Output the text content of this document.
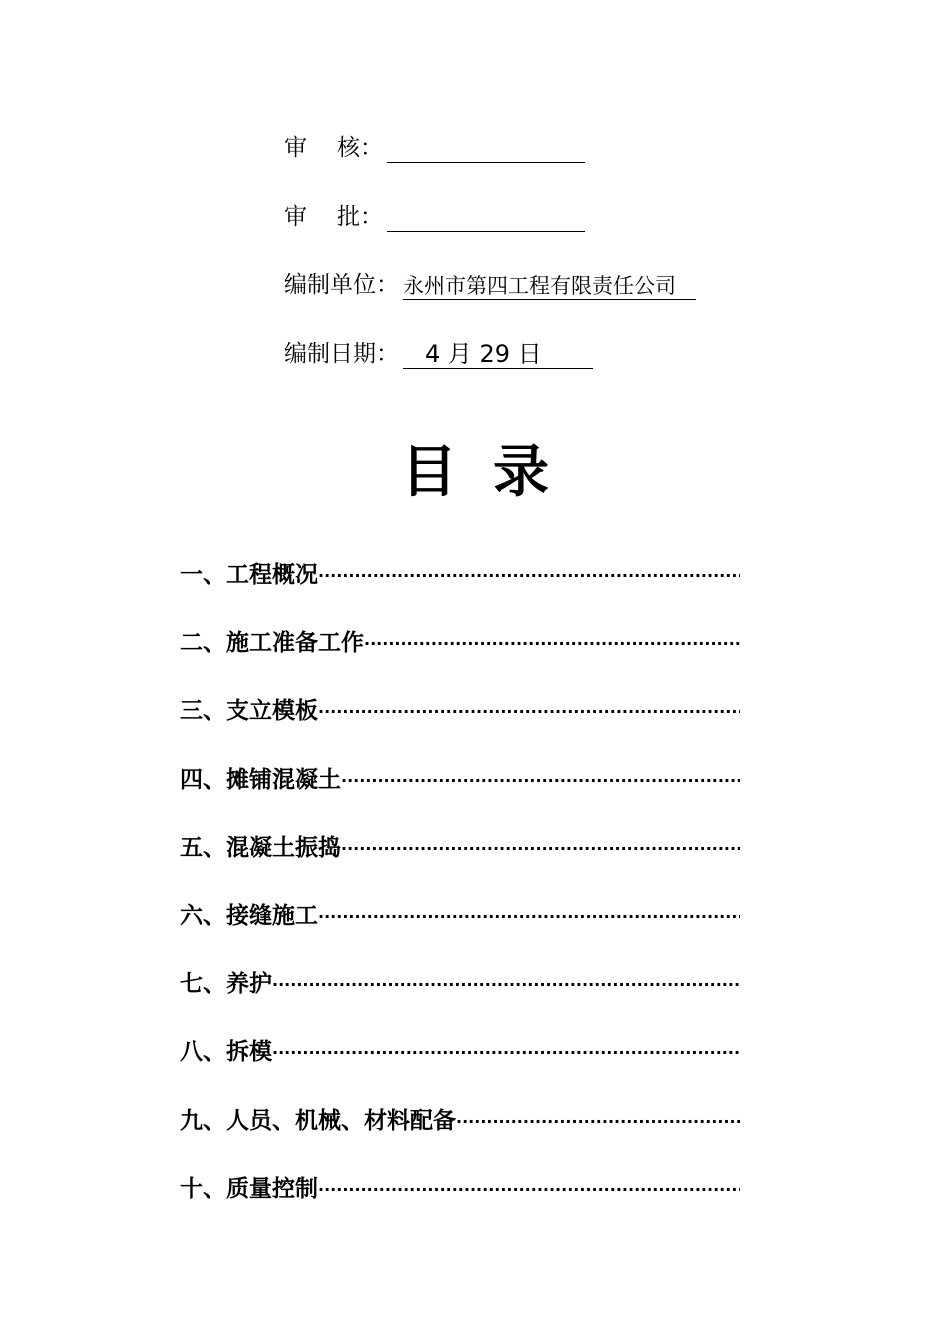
审 核：
审 批：
编制单位： 永州市第四工程有限责任公司
编制日期： 4 月 29 日
目录
一、工程概况
·····
二、施工准备工作
·····
三、支立模板
·····
四、摊铺混凝土
·····
五、混凝土振捣
·····
六、接缝施工
·····
七、养护
·····
八、拆模
·····
九、人员、机械、材料配备
·····
十、质量控制
·····
